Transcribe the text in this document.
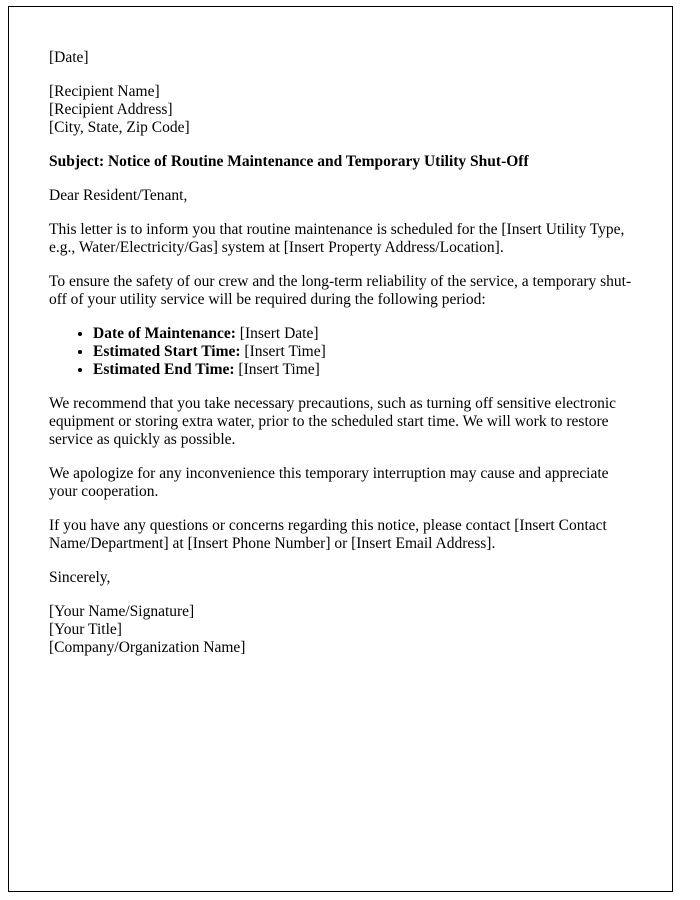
[Date]

[Recipient Name]

[Recipient Address]

[City, State, Zip Code]

Subject: Notice of Routine Maintenance and Temporary Utility Shut-Off

Dear Resident/Tenant,

This letter is to inform you that routine maintenance is scheduled for the [Insert Utility Type, e.g., Water/Electricity/Gas] system at [Insert Property Address/Location].

To ensure the safety of our crew and the long-term reliability of the service, a temporary shut-off of your utility service will be required during the following period:

• Date of Maintenance: [Insert Date]
• Estimated Start Time: [Insert Time]
• Estimated End Time: [Insert Time]

We recommend that you take necessary precautions, such as turning off sensitive electronic equipment or storing extra water, prior to the scheduled start time. We will work to restore service as quickly as possible.

We apologize for any inconvenience this temporary interruption may cause and appreciate your cooperation.

If you have any questions or concerns regarding this notice, please contact [Insert Contact Name/Department] at [Insert Phone Number] or [Insert Email Address].

Sincerely,

[Your Name/Signature]

[Your Title]

[Company/Organization Name]
